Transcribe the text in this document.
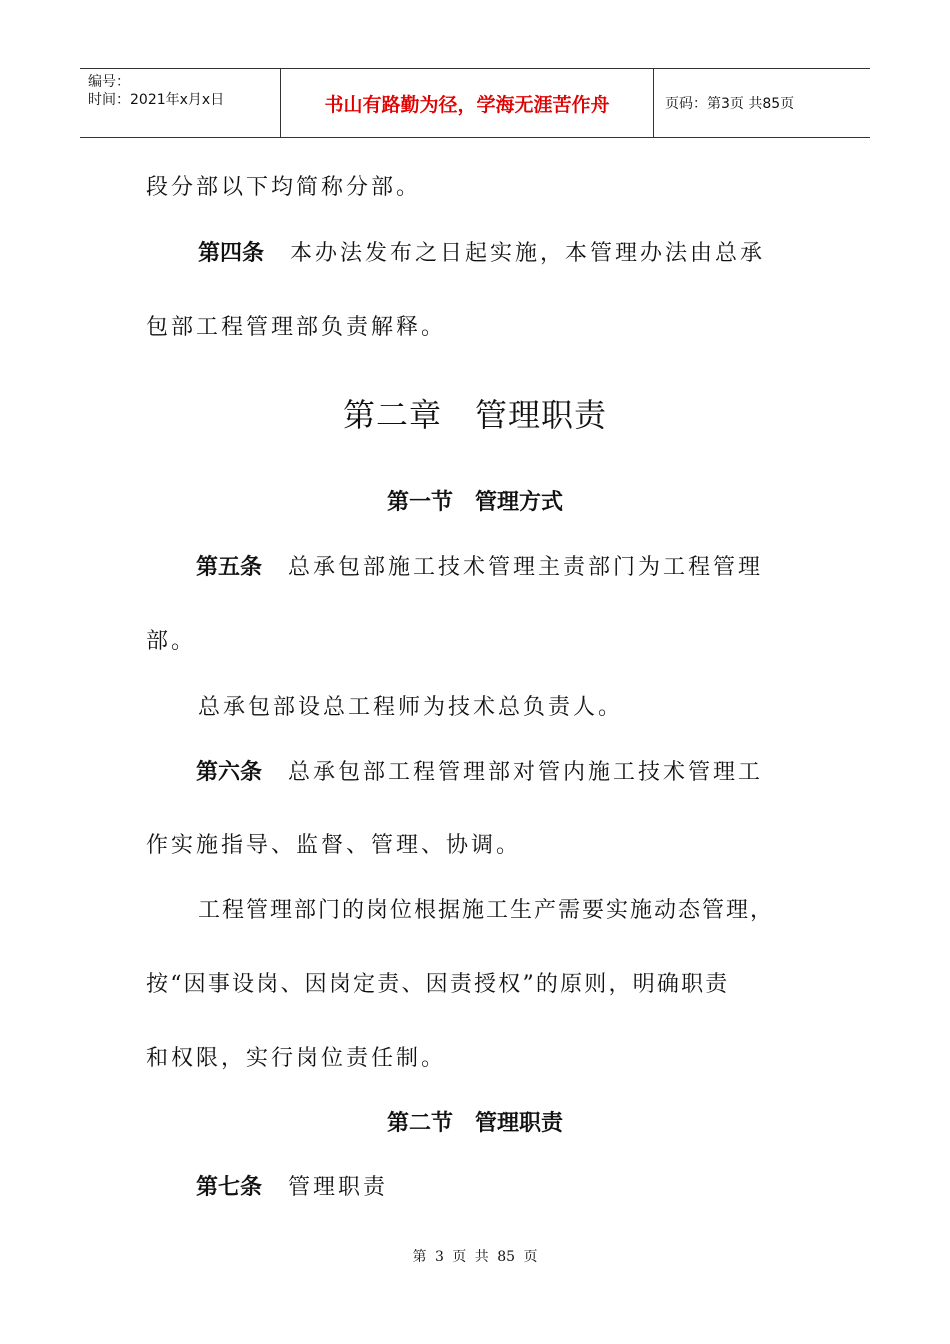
编号：
时间：2021年x月x日	书山有路勤为径，学海无涯苦作舟	页码：第3页 共85页
段分部以下均简称分部。
第四条 本办法发布之日起实施，本管理办法由总承
包部工程管理部负责解释。
第二章　管理职责
第一节　管理方式
第五条 总承包部施工技术管理主责部门为工程管理
部。
总承包部设总工程师为技术总负责人。
第六条 总承包部工程管理部对管内施工技术管理工
作实施指导、监督、管理、协调。
工程管理部门的岗位根据施工生产需要实施动态管理，
按“因事设岗、因岗定责、因责授权”的原则，明确职责
和权限，实行岗位责任制。
第二节　管理职责
第七条 管理职责
第 3 页 共 85 页
